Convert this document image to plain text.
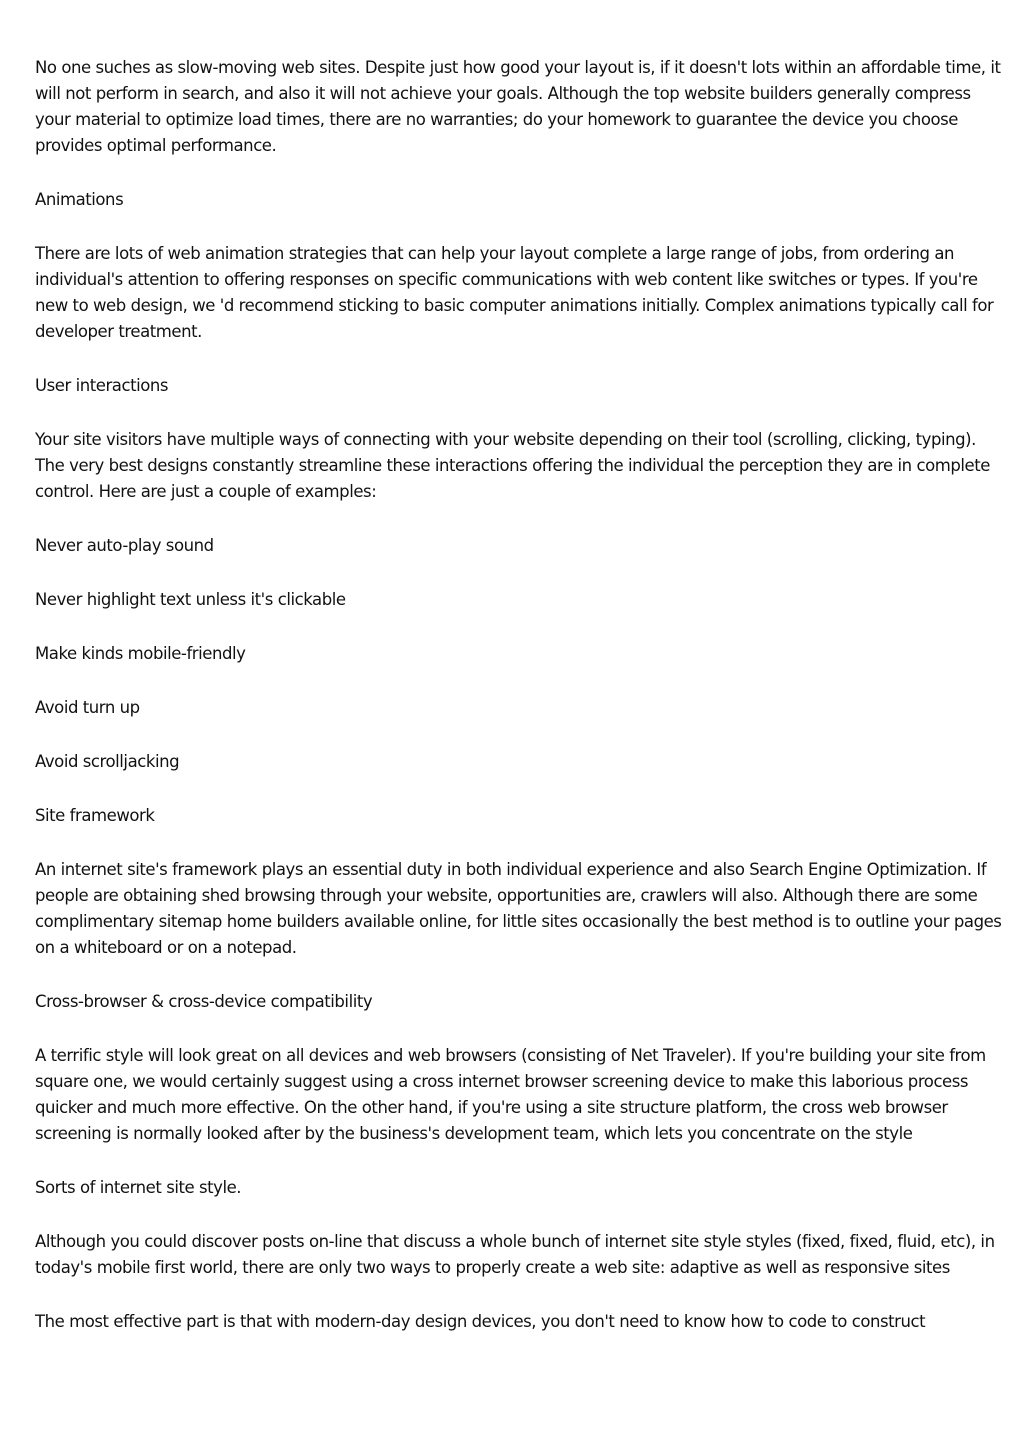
No one suches as slow-moving web sites. Despite just how good your layout is, if it doesn't lots within an affordable time, it will not perform in search, and also it will not achieve your goals. Although the top website builders generally compress your material to optimize load times, there are no warranties; do your homework to guarantee the device you choose provides optimal performance.

Animations

There are lots of web animation strategies that can help your layout complete a large range of jobs, from ordering an individual's attention to offering responses on specific communications with web content like switches or types. If you're new to web design, we 'd recommend sticking to basic computer animations initially. Complex animations typically call for developer treatment.

User interactions

Your site visitors have multiple ways of connecting with your website depending on their tool (scrolling, clicking, typing). The very best designs constantly streamline these interactions offering the individual the perception they are in complete control. Here are just a couple of examples:

Never auto-play sound

Never highlight text unless it's clickable

Make kinds mobile-friendly

Avoid turn up

Avoid scrolljacking

Site framework

An internet site's framework plays an essential duty in both individual experience and also Search Engine Optimization. If people are obtaining shed browsing through your website, opportunities are, crawlers will also. Although there are some complimentary sitemap home builders available online, for little sites occasionally the best method is to outline your pages on a whiteboard or on a notepad.

Cross-browser & cross-device compatibility

A terrific style will look great on all devices and web browsers (consisting of Net Traveler). If you're building your site from square one, we would certainly suggest using a cross internet browser screening device to make this laborious process quicker and much more effective. On the other hand, if you're using a site structure platform, the cross web browser screening is normally looked after by the business's development team, which lets you concentrate on the style

Sorts of internet site style.

Although you could discover posts on-line that discuss a whole bunch of internet site style styles (fixed, fixed, fluid, etc), in today's mobile first world, there are only two ways to properly create a web site: adaptive as well as responsive sites

The most effective part is that with modern-day design devices, you don't need to know how to code to construct
